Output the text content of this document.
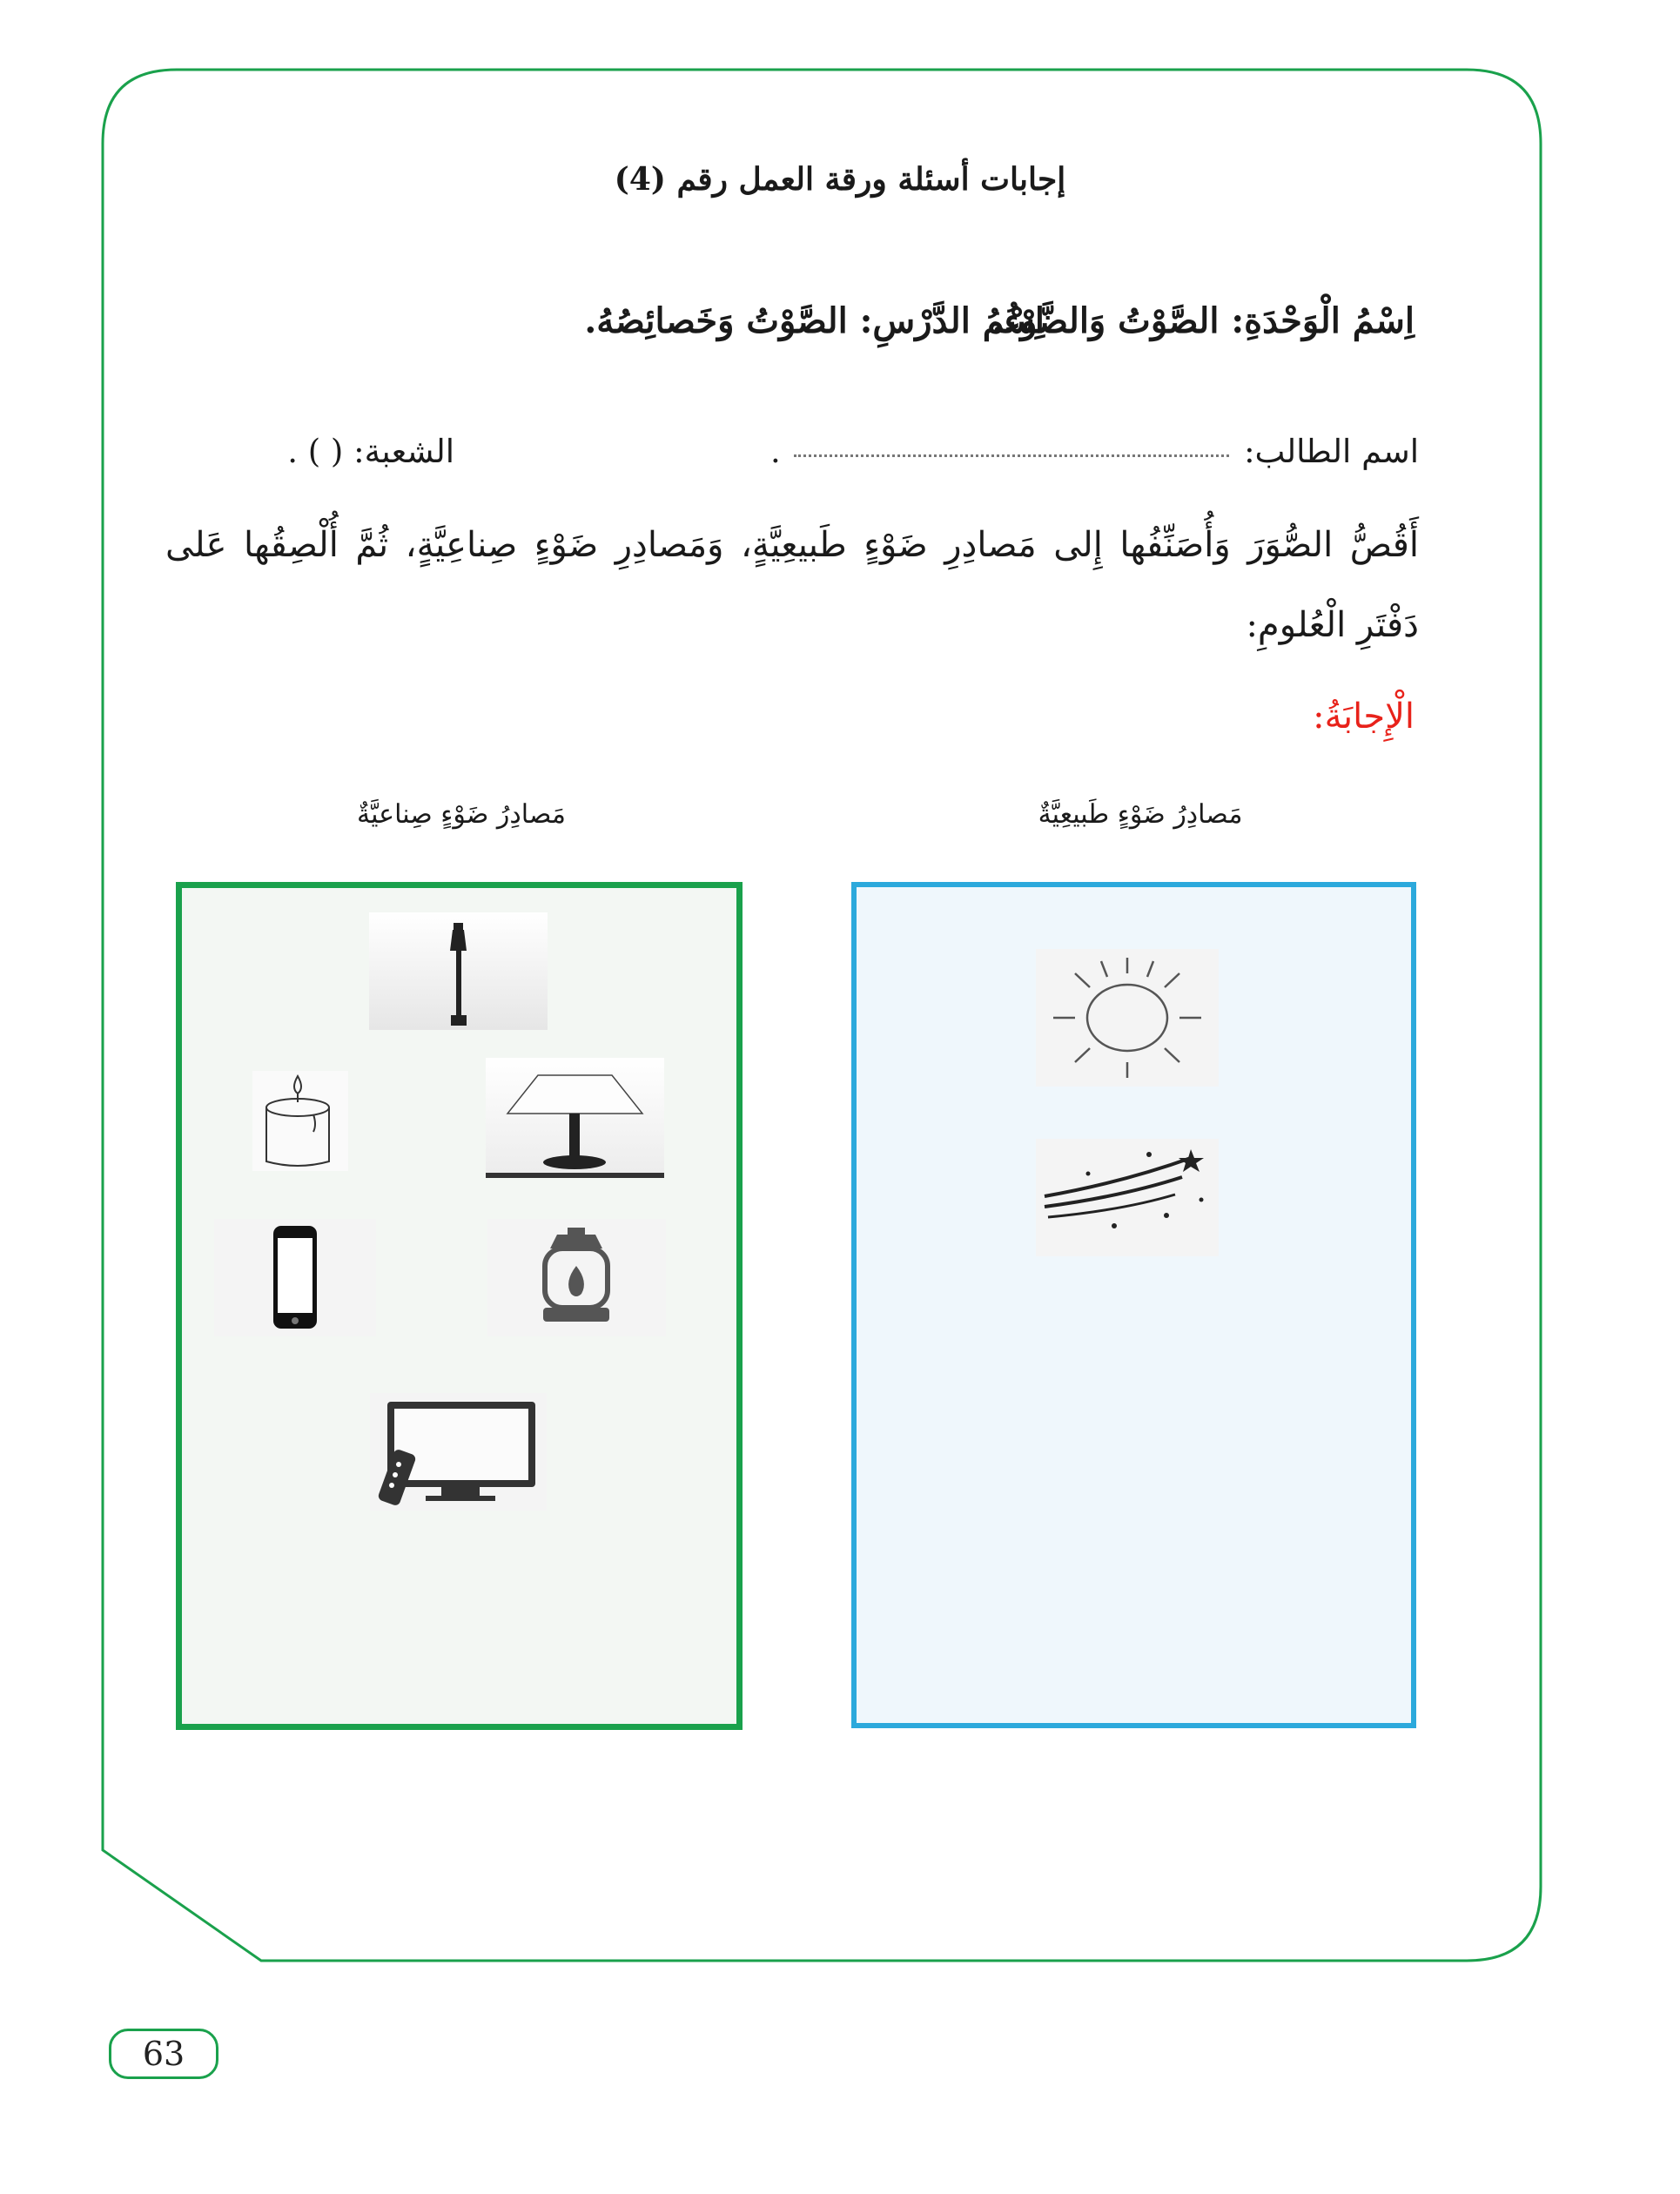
إجابات أسئلة ورقة العمل رقم (4)
اِسْمُ الْوَحْدَةِ: الصَّوْتُ وَالضَّوْءُ.
اِسْمُ الدَّرْسِ: الصَّوْتُ وَخَصائِصُهُ.
اسم الطالب:
.
الشعبة: ( ) .
أَقُصُّ الصُّوَرَ وَأُصَنِّفُها إِلى مَصادِرِ ضَوْءٍ طَبيعِيَّةٍ، وَمَصادِرِ ضَوْءٍ صِناعِيَّةٍ، ثُمَّ أُلْصِقُها عَلى دَفْتَرِ الْعُلومِ:
الْإِجابَةُ:
مَصادِرُ ضَوْءٍ طَبيعِيَّةٌ
مَصادِرُ ضَوْءٍ صِناعيَّةٌ
63
